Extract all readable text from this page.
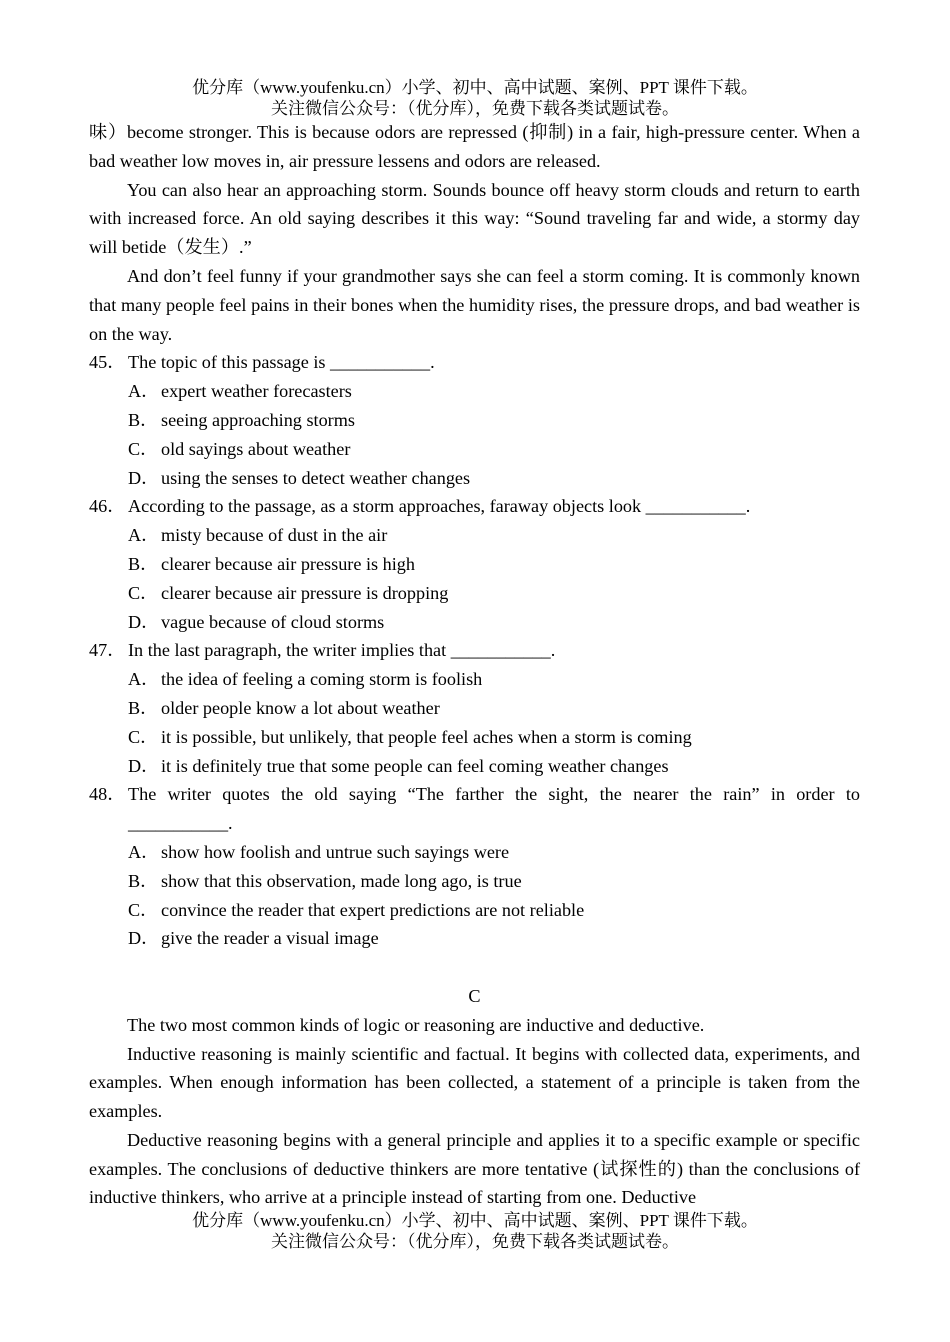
优分库（www.youfenku.cn）小学、初中、高中试题、案例、PPT 课件下载。
关注微信公众号：（优分库），免费下载各类试题试卷。

味）become stronger. This is because odors are repressed (抑制) in a fair, high-pressure center. When a bad weather low moves in, air pressure lessens and odors are released.

You can also hear an approaching storm. Sounds bounce off heavy storm clouds and return to earth with increased force. An old saying describes it this way: “Sound traveling far and wide, a stormy day will betide（发生）.”

And don’t feel funny if your grandmother says she can feel a storm coming. It is commonly known that many people feel pains in their bones when the humidity rises, the pressure drops, and bad weather is on the way.

45． The topic of this passage is ___________.
A．expert weather forecasters
B． seeing approaching storms
C． old sayings about weather
D．using the senses to detect weather changes
46． According to the passage, as a storm approaches, faraway objects look ___________.
A．misty because of dust in the air
B． clearer because air pressure is high
C． clearer because air pressure is dropping
D．vague because of cloud storms
47． In the last paragraph, the writer implies that ___________.
A．the idea of feeling a coming storm is foolish
B． older people know a lot about weather
C． it is possible, but unlikely, that people feel aches when a storm is coming
D．it is definitely true that some people can feel coming weather changes
48． The writer quotes the old saying “The farther the sight, the nearer the rain” in order to

___________.

A．show how foolish and untrue such sayings were
B． show that this observation, made long ago, is true
C． convince the reader that expert predictions are not reliable
D．give the reader a visual image

C

The two most common kinds of logic or reasoning are inductive and deductive.

Inductive reasoning is mainly scientific and factual. It begins with collected data, experiments, and examples. When enough information has been collected, a statement of a principle is taken from the examples.

Deductive reasoning begins with a general principle and applies it to a specific example or specific examples. The conclusions of deductive thinkers are more tentative (试探性的) than the conclusions of inductive thinkers, who arrive at a principle instead of starting from one. Deductive

优分库（www.youfenku.cn）小学、初中、高中试题、案例、PPT 课件下载。
关注微信公众号：（优分库），免费下载各类试题试卷。
